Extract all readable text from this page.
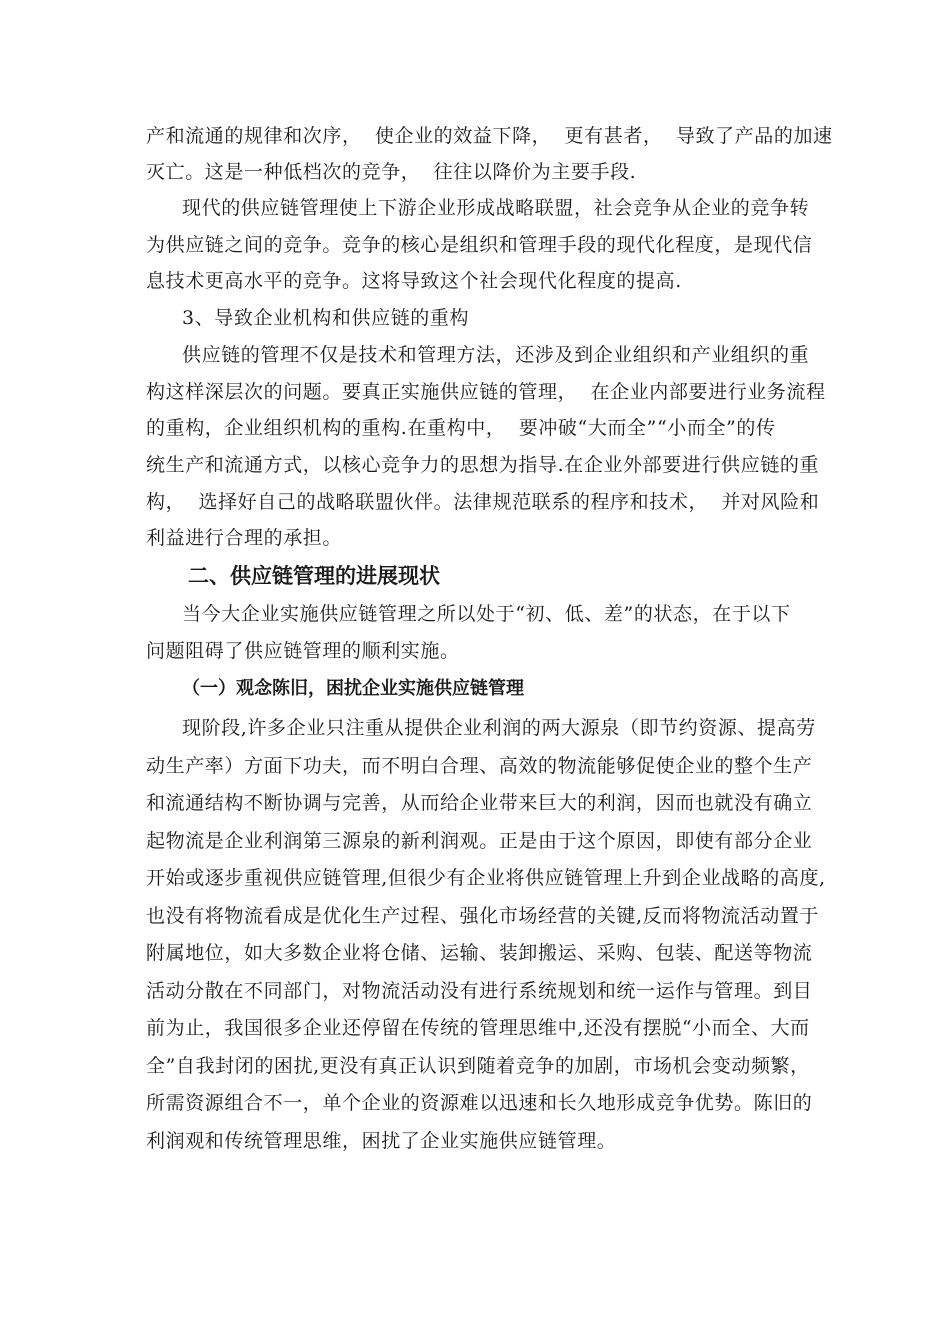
产和流通的规律和次序，  使企业的效益下降，  更有甚者，  导致了产品的加速
灭亡。这是一种低档次的竞争，  往往以降价为主要手段.
现代的供应链管理使上下游企业形成战略联盟，社会竞争从企业的竞争转
为供应链之间的竞争。竞争的核心是组织和管理手段的现代化程度，是现代信
息技术更高水平的竞争。这将导致这个社会现代化程度的提高.
3、导致企业机构和供应链的重构
供应链的管理不仅是技术和管理方法，还涉及到企业组织和产业组织的重
构这样深层次的问题。要真正实施供应链的管理，  在企业内部要进行业务流程
的重构，企业组织机构的重构.在重构中，  要冲破“大而全”“小而全”的传
统生产和流通方式，以核心竞争力的思想为指导.在企业外部要进行供应链的重
构，  选择好自己的战略联盟伙伴。法律规范联系的程序和技术，  并对风险和
利益进行合理的承担。
二、供应链管理的进展现状
当今大企业实施供应链管理之所以处于“初、低、差”的状态，在于以下
问题阻碍了供应链管理的顺利实施。
（一）观念陈旧，困扰企业实施供应链管理
现阶段,许多企业只注重从提供企业利润的两大源泉（即节约资源、提高劳
动生产率）方面下功夫，而不明白合理、高效的物流能够促使企业的整个生产
和流通结构不断协调与完善，从而给企业带来巨大的利润，因而也就没有确立
起物流是企业利润第三源泉的新利润观。正是由于这个原因，即使有部分企业
开始或逐步重视供应链管理,但很少有企业将供应链管理上升到企业战略的高度,
也没有将物流看成是优化生产过程、强化市场经营的关键,反而将物流活动置于
附属地位，如大多数企业将仓储、运输、装卸搬运、采购、包装、配送等物流
活动分散在不同部门，对物流活动没有进行系统规划和统一运作与管理。到目
前为止，我国很多企业还停留在传统的管理思维中,还没有摆脱“小而全、大而
全”自我封闭的困扰,更没有真正认识到随着竞争的加剧，市场机会变动频繁，
所需资源组合不一，单个企业的资源难以迅速和长久地形成竞争优势。陈旧的
利润观和传统管理思维，困扰了企业实施供应链管理。
